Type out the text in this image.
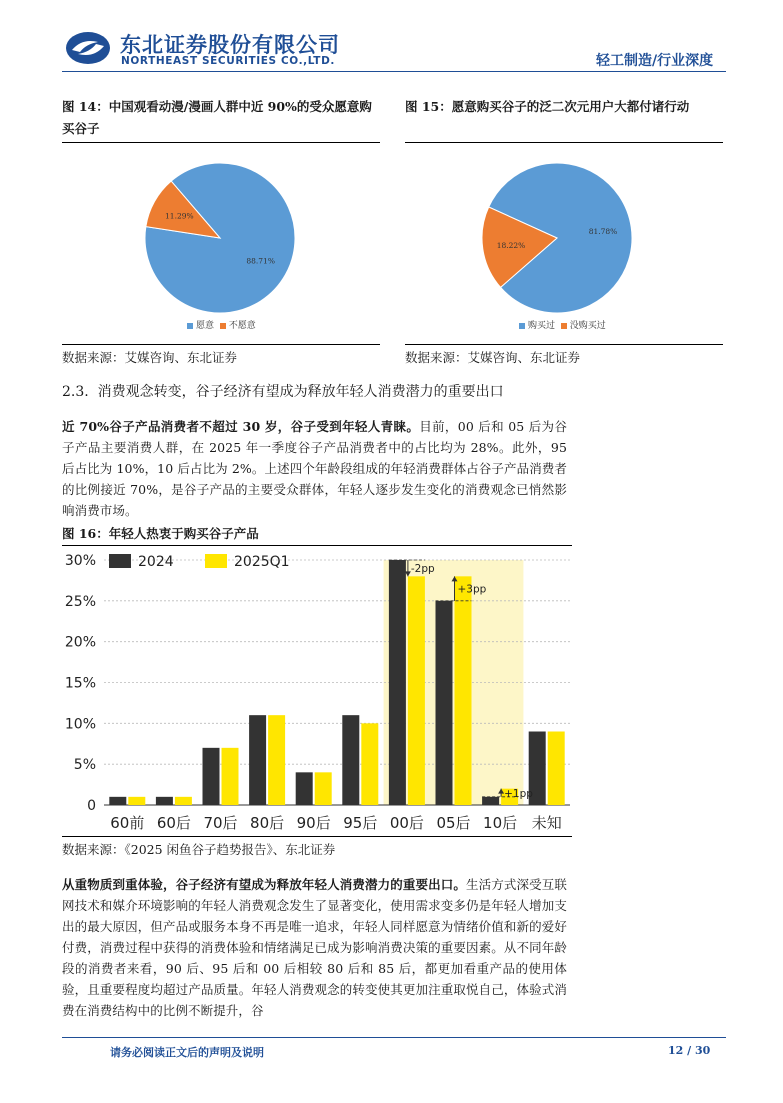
东北证券股份有限公司
NORTHEAST SECURITIES CO.,LTD.	轻工制造/行业深度
图 14：中国观看动漫/漫画人群中近 90%的受众愿意购买谷子
88.71%
11.29%
愿意 不愿意
数据来源：艾媒咨询、东北证券
图 15：愿意购买谷子的泛二次元用户大都付诸行动
81.78%
18.22%
购买过 没购买过
数据来源：艾媒咨询、东北证券
2.3. 消费观念转变，谷子经济有望成为释放年轻人消费潜力的重要出口
近 70%谷子产品消费者不超过 30 岁，谷子受到年轻人青睐。目前，00 后和 05 后为谷子产品主要消费人群，在 2025 年一季度谷子产品消费者中的占比均为 28%。此外，95 后占比为 10%，10 后占比为 2%。上述四个年龄段组成的年轻消费群体占谷子产品消费者的比例接近 70%，是谷子产品的主要受众群体，年轻人逐步发生变化的消费观念已悄然影响消费市场。
图 16：年轻人热衷于购买谷子产品
0
5%
10%
15%
20%
25%
30%
60前 60后 70后 80后 90后 95后 00后 05后 10后 未知
2024	2025Q1	-2pp
+3pp
+1pp
数据来源：《2025 闲鱼谷子趋势报告》、东北证券
从重物质到重体验，谷子经济有望成为释放年轻人消费潜力的重要出口。生活方式深受互联网技术和媒介环境影响的年轻人消费观念发生了显著变化，使用需求变多仍是年轻人增加支出的最大原因，但产品或服务本身不再是唯一追求，年轻人同样愿意为情绪价值和新的爱好付费，消费过程中获得的消费体验和情绪满足已成为影响消费决策的重要因素。从不同年龄段的消费者来看，90 后、95 后和 00 后相较 80 后和 85 后，都更加看重产品的使用体验，且重要程度均超过产品质量。年轻人消费观念的转变使其更加注重取悦自己，体验式消费在消费结构中的比例不断提升，谷
请务必阅读正文后的声明及说明	12 / 30
